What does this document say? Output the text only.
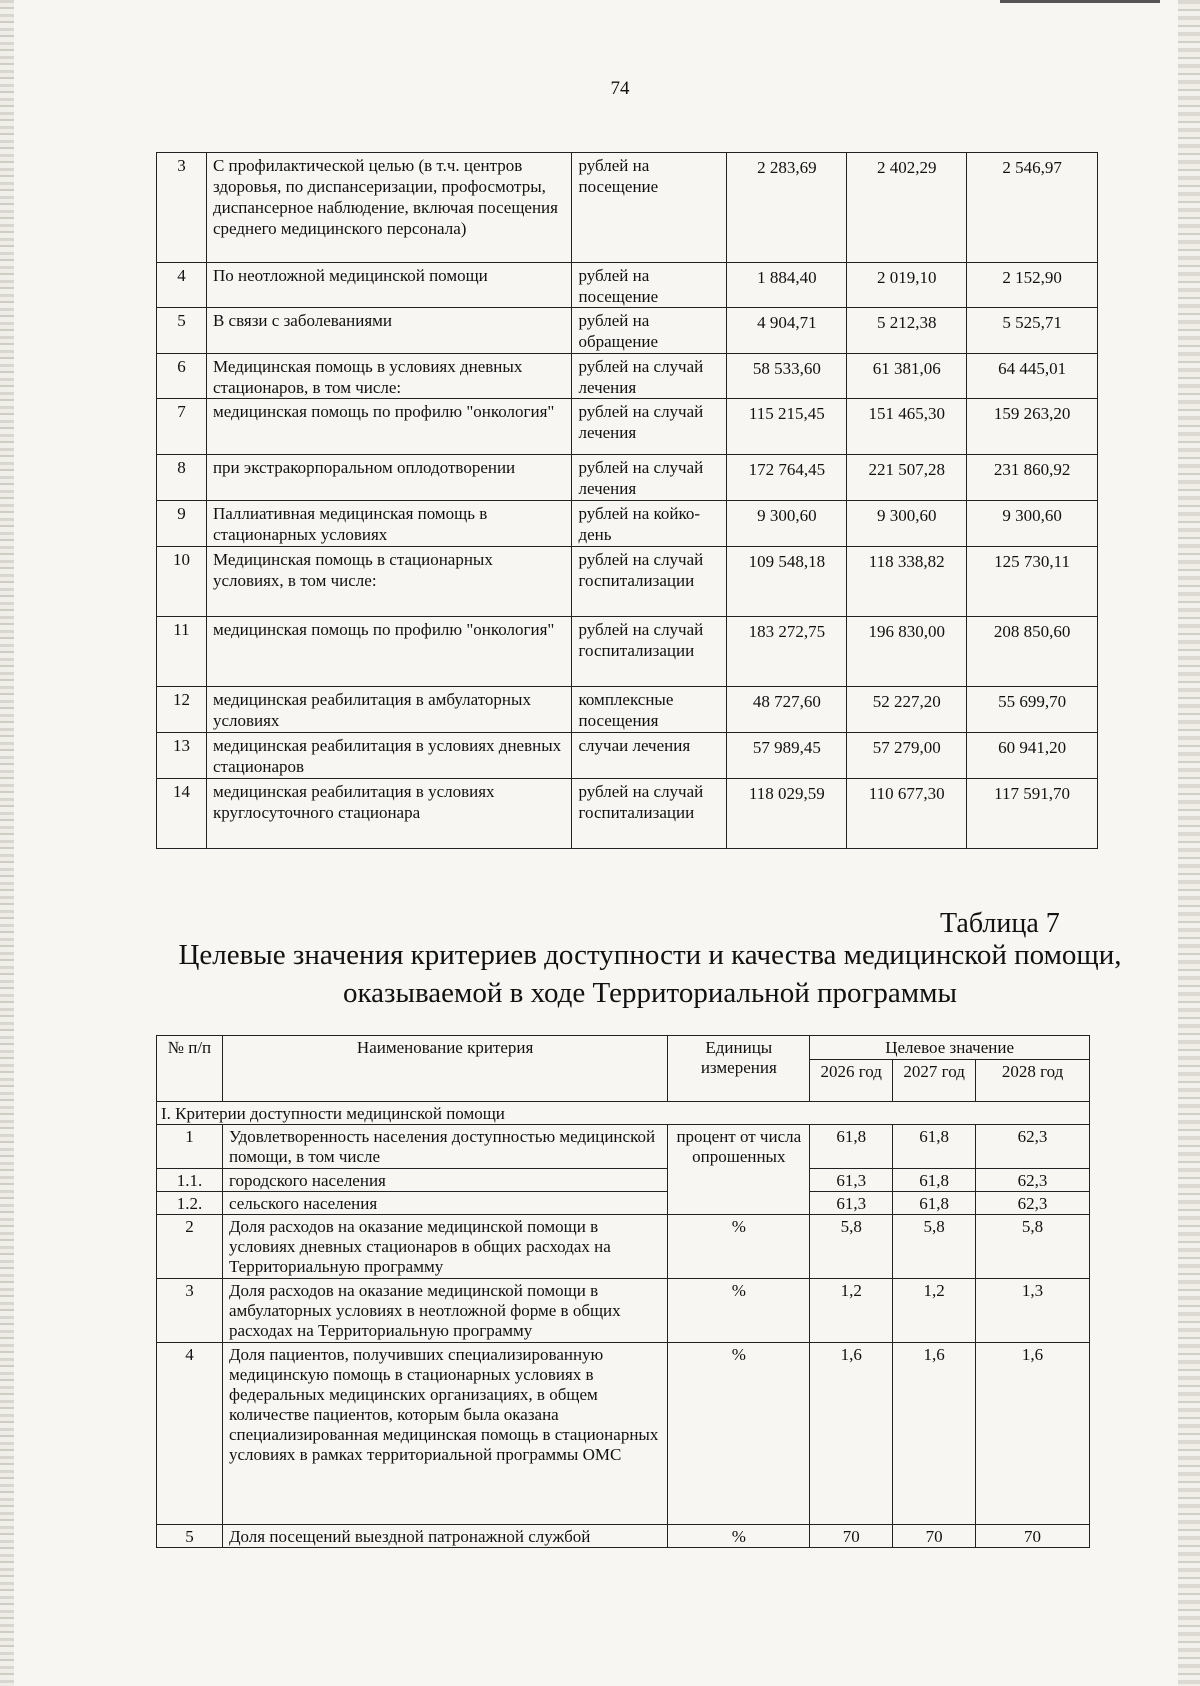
74
3	С профилактической целью (в т.ч. центров здоровья, по диспансеризации, профосмотры, диспансерное наблюдение, включая посещения среднего медицинского персонала)	рублей на посещение	2 283,69	2 402,29	2 546,97
4	По неотложной медицинской помощи	рублей на посещение	1 884,40	2 019,10	2 152,90
5	В связи с заболеваниями	рублей на обращение	4 904,71	5 212,38	5 525,71
6	Медицинская помощь в условиях дневных стационаров, в том числе:	рублей на случай лечения	58 533,60	61 381,06	64 445,01
7	медицинская помощь по профилю "онкология"	рублей на случай лечения	115 215,45	151 465,30	159 263,20
8	при экстракорпоральном оплодотворении	рублей на случай лечения	172 764,45	221 507,28	231 860,92
9	Паллиативная медицинская помощь в стационарных условиях	рублей на койко-день	9 300,60	9 300,60	9 300,60
10	Медицинская помощь в стационарных условиях, в том числе:	рублей на случай госпитализации	109 548,18	118 338,82	125 730,11
11	медицинская помощь по профилю "онкология"	рублей на случай госпитализации	183 272,75	196 830,00	208 850,60
12	медицинская реабилитация в амбулаторных условиях	комплексные посещения	48 727,60	52 227,20	55 699,70
13	медицинская реабилитация в условиях дневных стационаров	случаи лечения	57 989,45	57 279,00	60 941,20
14	медицинская реабилитация в условиях круглосуточного стационара	рублей на случай госпитализации	118 029,59	110 677,30	117 591,70
Таблица 7
Целевые значения критериев доступности и качества медицинской помощи, оказываемой в ходе Территориальной программы
№ п/п	Наименование критерия	Единицы измерения	Целевое значение		
			2026 год	2027 год	2028 год
I. Критерии доступности медицинской помощи					
1	Удовлетворенность населения доступностью медицинской помощи, в том числе	процент от числа опрошенных	61,8	61,8	62,3
1.1.	городского населения		61,3	61,8	62,3
1.2.	сельского населения		61,3	61,8	62,3
2	Доля расходов на оказание медицинской помощи в условиях дневных стационаров в общих расходах на Территориальную программу	%	5,8	5,8	5,8
3	Доля расходов на оказание медицинской помощи в амбулаторных условиях в неотложной форме в общих расходах на Территориальную программу	%	1,2	1,2	1,3
4	Доля пациентов, получивших специализированную медицинскую помощь в стационарных условиях в федеральных медицинских организациях, в общем количестве пациентов, которым была оказана специализированная медицинская помощь в стационарных условиях в рамках территориальной программы ОМС	%	1,6	1,6	1,6
5	Доля посещений выездной патронажной службой	%	70	70	70
